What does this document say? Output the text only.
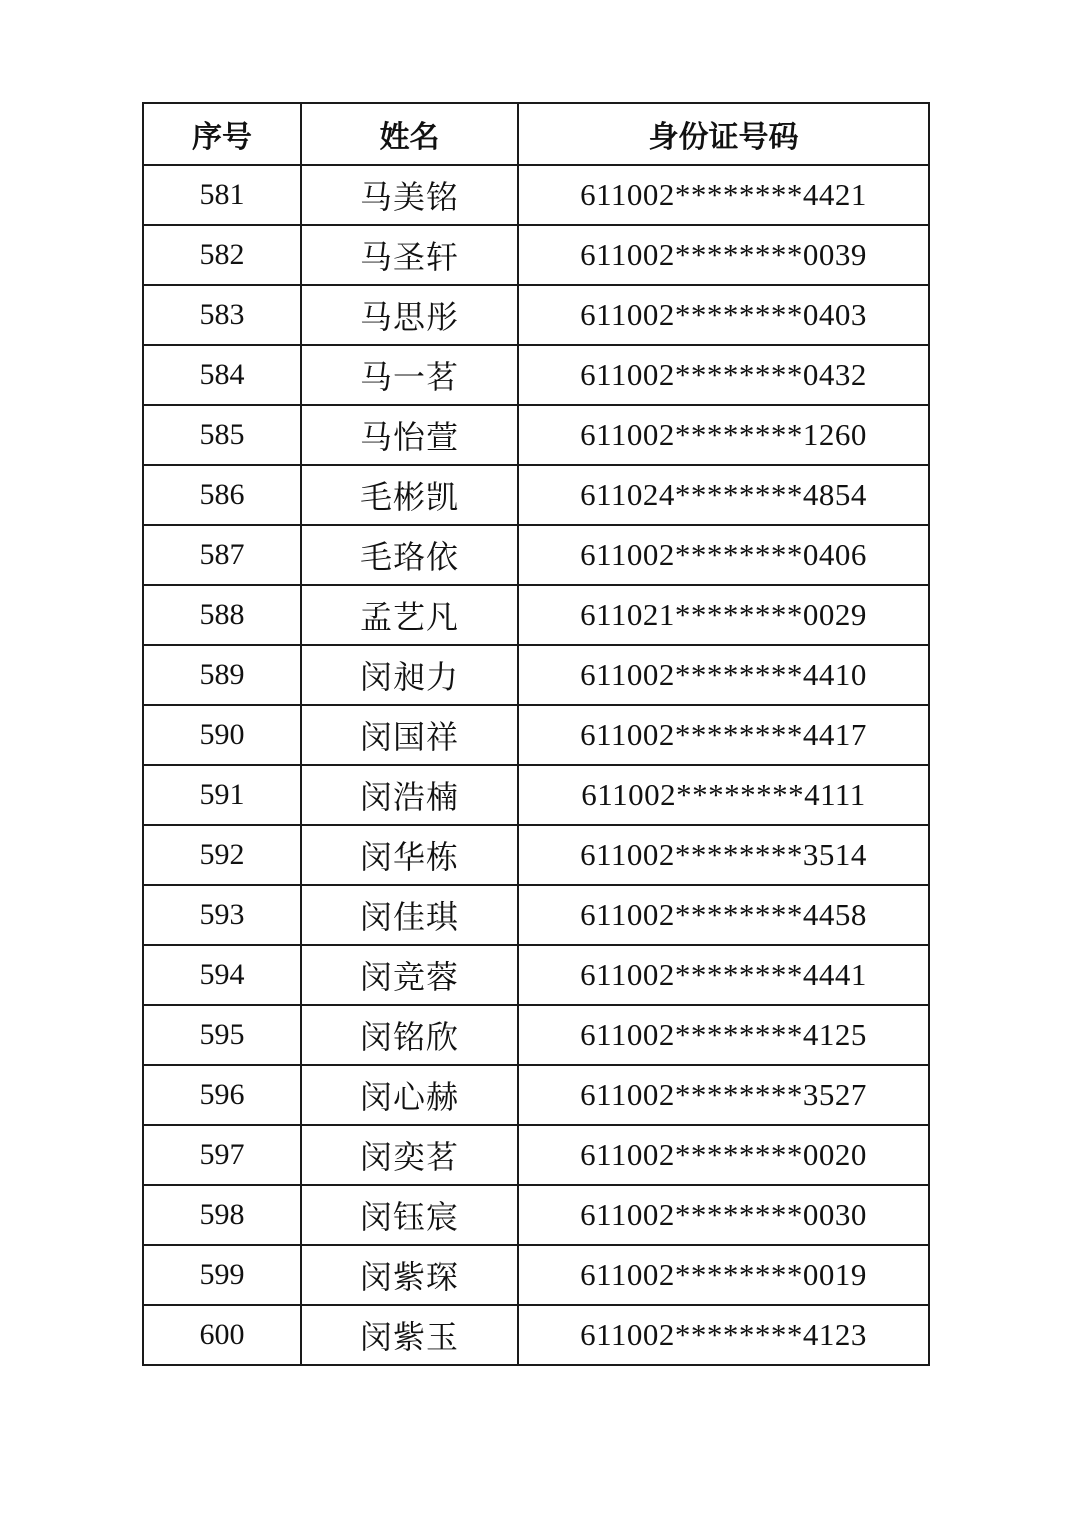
序号	姓名	身份证号码
581	马美铭	611002********4421
582	马圣轩	611002********0039
583	马思彤	611002********0403
584	马一茗	611002********0432
585	马怡萱	611002********1260
586	毛彬凯	611024********4854
587	毛珞依	611002********0406
588	孟艺凡	611021********0029
589	闵昶力	611002********4410
590	闵国祥	611002********4417
591	闵浩楠	611002********4111
592	闵华栋	611002********3514
593	闵佳琪	611002********4458
594	闵竞蓉	611002********4441
595	闵铭欣	611002********4125
596	闵心赫	611002********3527
597	闵奕茗	611002********0020
598	闵钰宸	611002********0030
599	闵紫琛	611002********0019
600	闵紫玉	611002********4123
